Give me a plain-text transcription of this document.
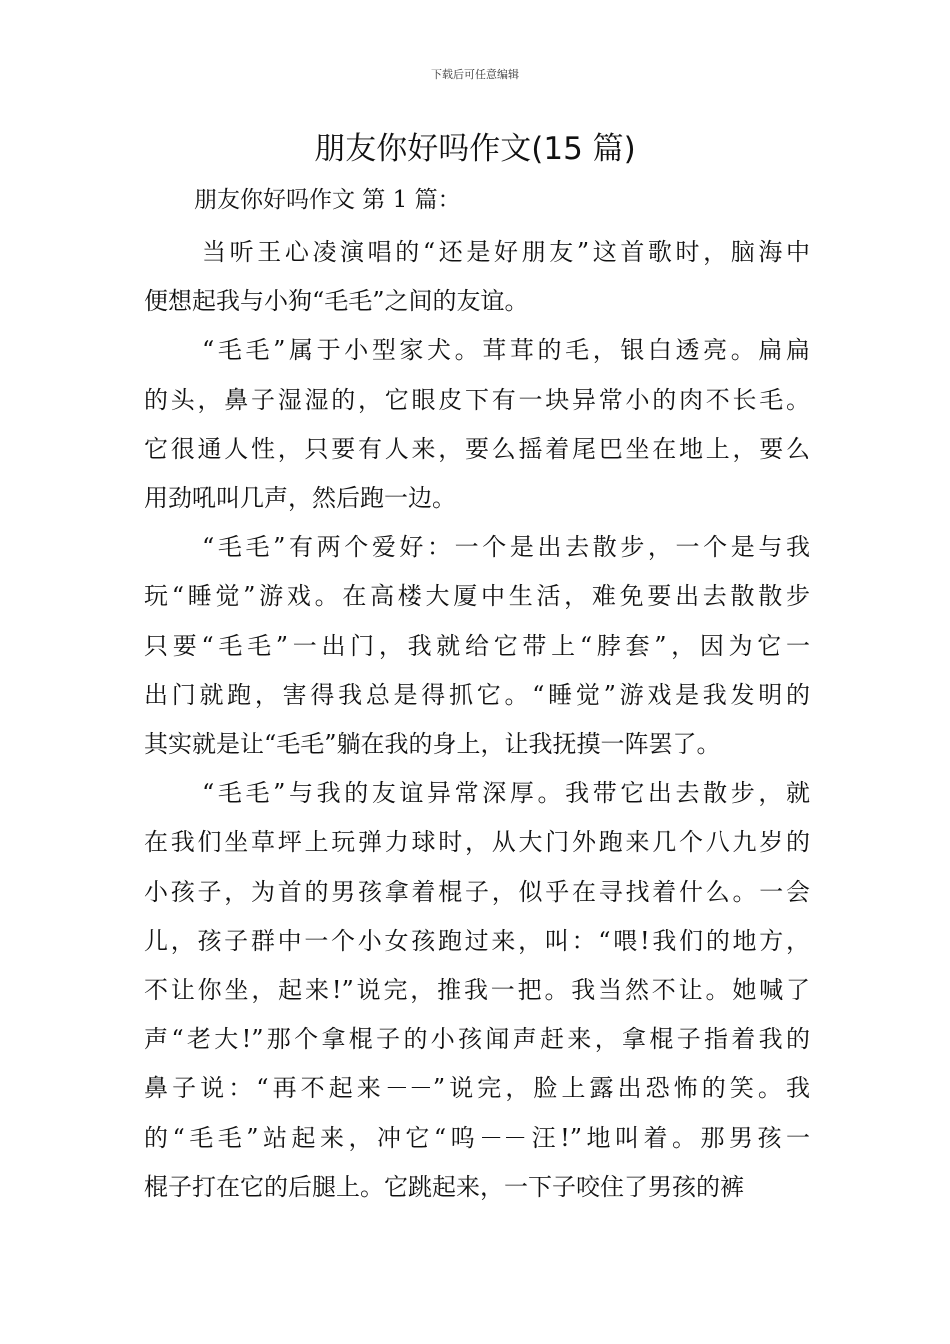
下载后可任意编辑
朋友你好吗作文(15 篇)
朋友你好吗作文 第 1 篇：
当听王心凌演唱的“还是好朋友”这首歌时，脑海中
便想起我与小狗“毛毛”之间的友谊。
“毛毛”属于小型家犬。茸茸的毛，银白透亮。扁扁
的头，鼻子湿湿的，它眼皮下有一块异常小的肉不长毛。
它很通人性，只要有人来，要么摇着尾巴坐在地上，要么
用劲吼叫几声，然后跑一边。
“毛毛”有两个爱好：一个是出去散步，一个是与我
玩“睡觉”游戏。在高楼大厦中生活，难免要出去散散步
只要“毛毛”一出门，我就给它带上“脖套”，因为它一
出门就跑，害得我总是得抓它。“睡觉”游戏是我发明的
其实就是让“毛毛”躺在我的身上，让我抚摸一阵罢了。
“毛毛”与我的友谊异常深厚。我带它出去散步，就
在我们坐草坪上玩弹力球时，从大门外跑来几个八九岁的
小孩子，为首的男孩拿着棍子，似乎在寻找着什么。一会
儿，孩子群中一个小女孩跑过来，叫：“喂!我们的地方，
不让你坐，起来!”说完，推我一把。我当然不让。她喊了
声“老大!”那个拿棍子的小孩闻声赶来，拿棍子指着我的
鼻子说：“再不起来－－”说完，脸上露出恐怖的笑。我
的“毛毛”站起来，冲它“呜－－汪!”地叫着。那男孩一
棍子打在它的后腿上。它跳起来，一下子咬住了男孩的裤
